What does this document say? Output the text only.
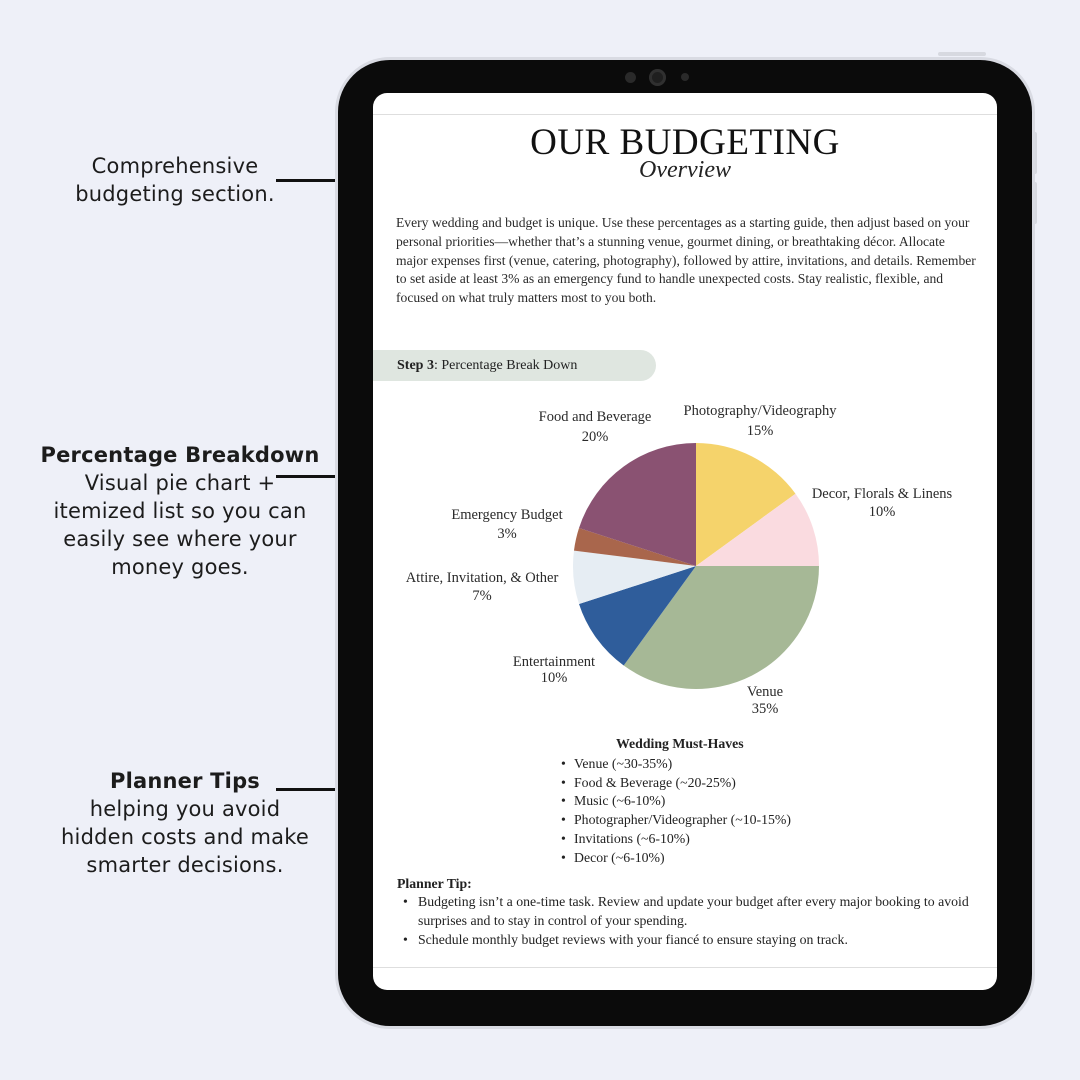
Comprehensive budgeting section.
Percentage Breakdown
Visual pie chart + itemized list so you can easily see where your money goes.
Planner Tips
helping you avoid hidden costs and make smarter decisions.
OUR BUDGETING
Overview
Every wedding and budget is unique. Use these percentages as a starting guide, then adjust based on your personal priorities—whether that’s a stunning venue, gourmet dining, or breathtaking décor. Allocate major expenses first (venue, catering, photography), followed by attire, invitations, and details. Remember to set aside at least 3% as an emergency fund to handle unexpected costs. Stay realistic, flexible, and focused on what truly matters most to you both.
Step 3: Percentage Break Down
Photography/Videography
15%
Decor, Florals & Linens
10%
Venue
35%
Entertainment
10%
Attire, Invitation, & Other
7%
Emergency Budget
3%
Food and Beverage
20%
Wedding Must-Haves
• Venue (~30-35%)
• Food & Beverage (~20-25%)
• Music (~6-10%)
• Photographer/Videographer (~10-15%)
• Invitations (~6-10%)
• Decor (~6-10%)
Planner Tip:
• Budgeting isn’t a one-time task. Review and update your budget after every major booking to avoid surprises and to stay in control of your spending.
• Schedule monthly budget reviews with your fiancé to ensure staying on track.
